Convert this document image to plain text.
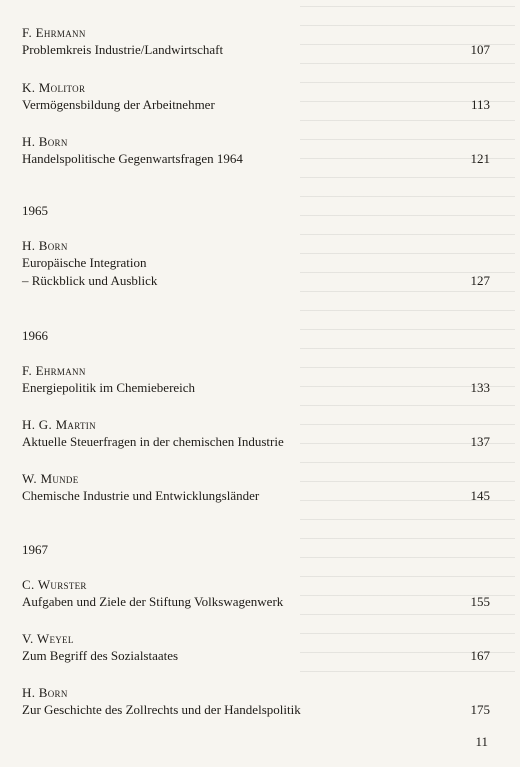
F. Ehrmann
Problemkreis Industrie/Landwirtschaft	107
K. Molitor
Vermögensbildung der Arbeitnehmer	113
H. Born
Handelspolitische Gegenwartsfragen 1964	121
1965
H. Born
Europäische Integration
– Rückblick und Ausblick	127
1966
F. Ehrmann
Energiepolitik im Chemiebereich	133
H. G. Martin
Aktuelle Steuerfragen in der chemischen Industrie	137
W. Munde
Chemische Industrie und Entwicklungsländer	145
1967
C. Wurster
Aufgaben und Ziele der Stiftung Volkswagenwerk	155
V. Weyel
Zum Begriff des Sozialstaates	167
H. Born
Zur Geschichte des Zollrechts und der Handelspolitik	175
11
